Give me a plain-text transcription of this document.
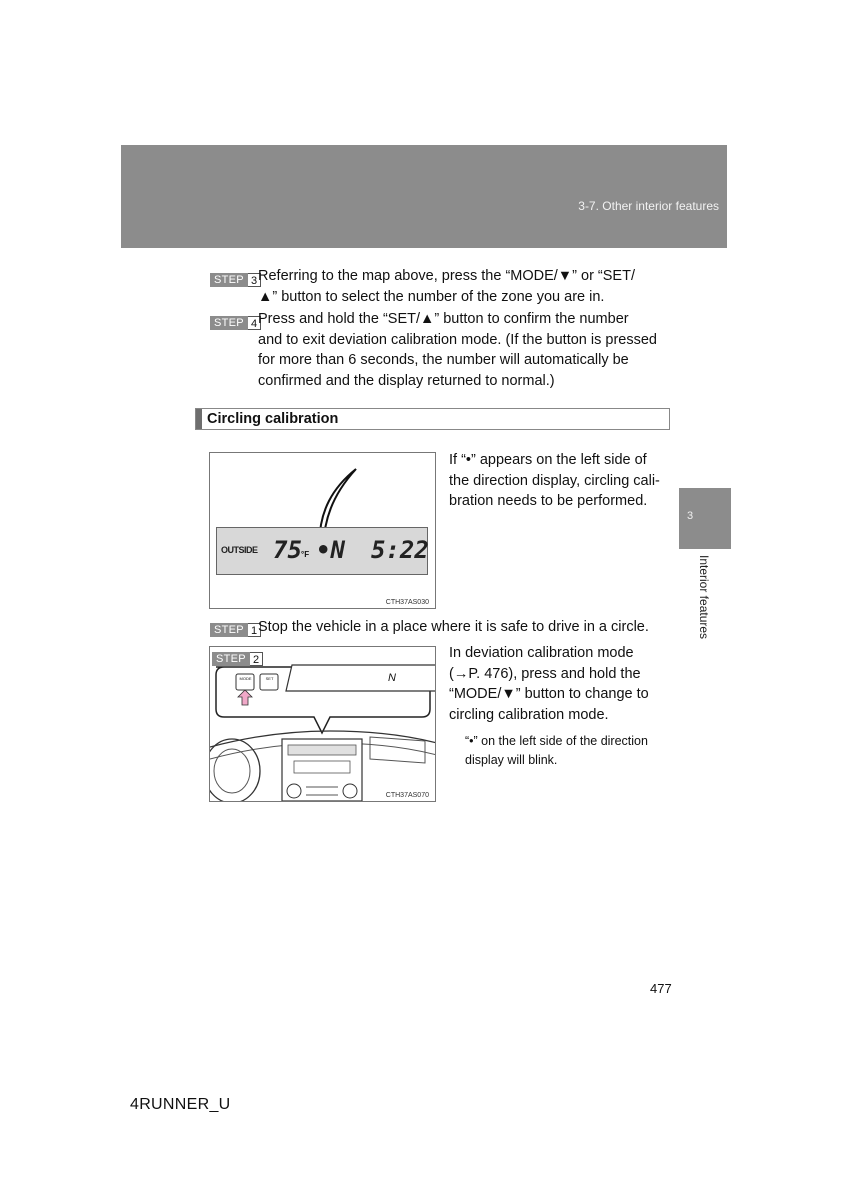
3-7. Other interior features
3
Interior features
STEP 3 Referring to the map above, press the “MODE/▼” or “SET/
▲” button to select the number of the zone you are in.
STEP 4 Press and hold the “SET/▲” button to confirm the number
and to exit deviation calibration mode. (If the button is pressed
for more than 6 seconds, the number will automatically be
confirmed and the display returned to normal.)
Circling calibration
OUTSIDE 75 °F •N 5:22
CTH37AS030
If “•” appears on the left side of
the direction display, circling cali-
bration needs to be performed.
STEP 1 Stop the vehicle in a place where it is safe to drive in a circle.
STEP 2
MODE	SET	N
CTH37AS070
In deviation calibration mode
(→P. 476), press and hold the
“MODE/▼” button to change to
circling calibration mode.
“•” on the left side of the direction
display will blink.
477
4RUNNER_U
